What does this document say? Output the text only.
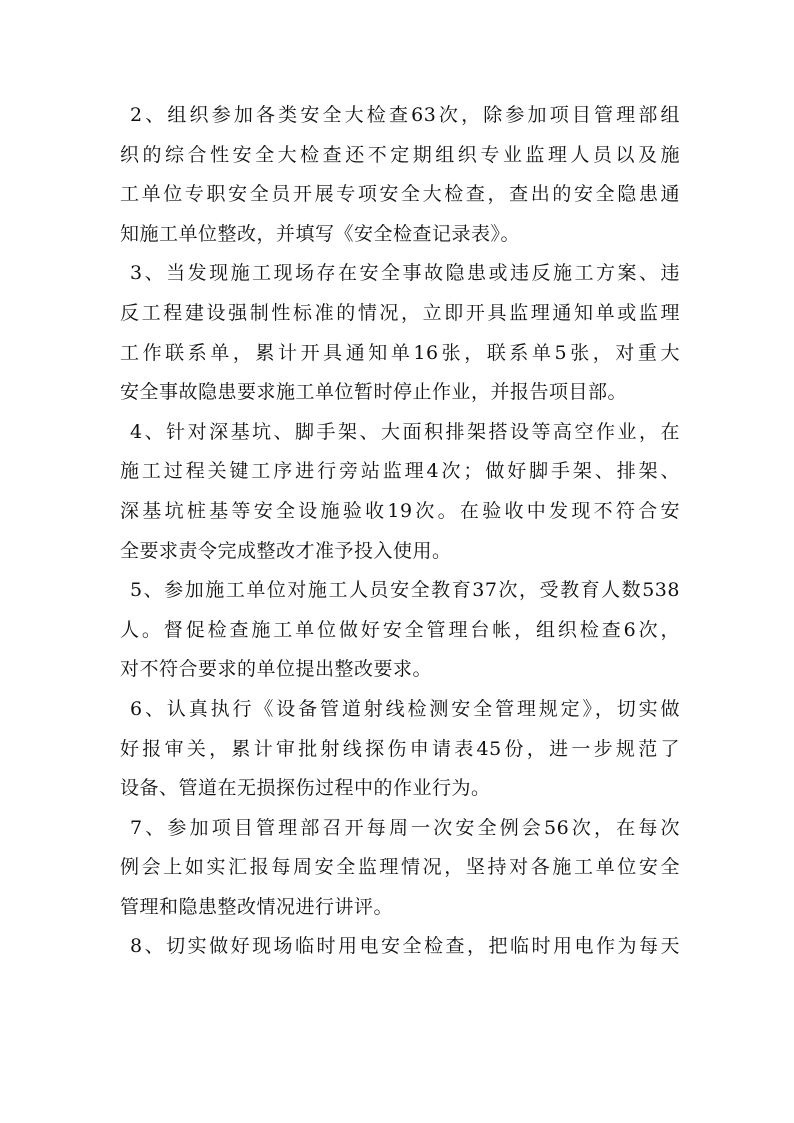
2、组织参加各类安全大检查63次，除参加项目管理部组
织的综合性安全大检查还不定期组织专业监理人员以及施
工单位专职安全员开展专项安全大检查，查出的安全隐患通
知施工单位整改，并填写《安全检查记录表》。
3、当发现施工现场存在安全事故隐患或违反施工方案、违
反工程建设强制性标准的情况，立即开具监理通知单或监理
工作联系单，累计开具通知单16张，联系单5张，对重大
安全事故隐患要求施工单位暂时停止作业，并报告项目部。
4、针对深基坑、脚手架、大面积排架搭设等高空作业，在
施工过程关键工序进行旁站监理4次；做好脚手架、排架、
深基坑桩基等安全设施验收19次。在验收中发现不符合安
全要求责令完成整改才准予投入使用。
5、参加施工单位对施工人员安全教育37次，受教育人数538
人。督促检查施工单位做好安全管理台帐，组织检查6次，
对不符合要求的单位提出整改要求。
6、认真执行《设备管道射线检测安全管理规定》，切实做
好报审关，累计审批射线探伤申请表45份，进一步规范了
设备、管道在无损探伤过程中的作业行为。
7、参加项目管理部召开每周一次安全例会56次，在每次
例会上如实汇报每周安全监理情况，坚持对各施工单位安全
管理和隐患整改情况进行讲评。
8、切实做好现场临时用电安全检查，把临时用电作为每天
